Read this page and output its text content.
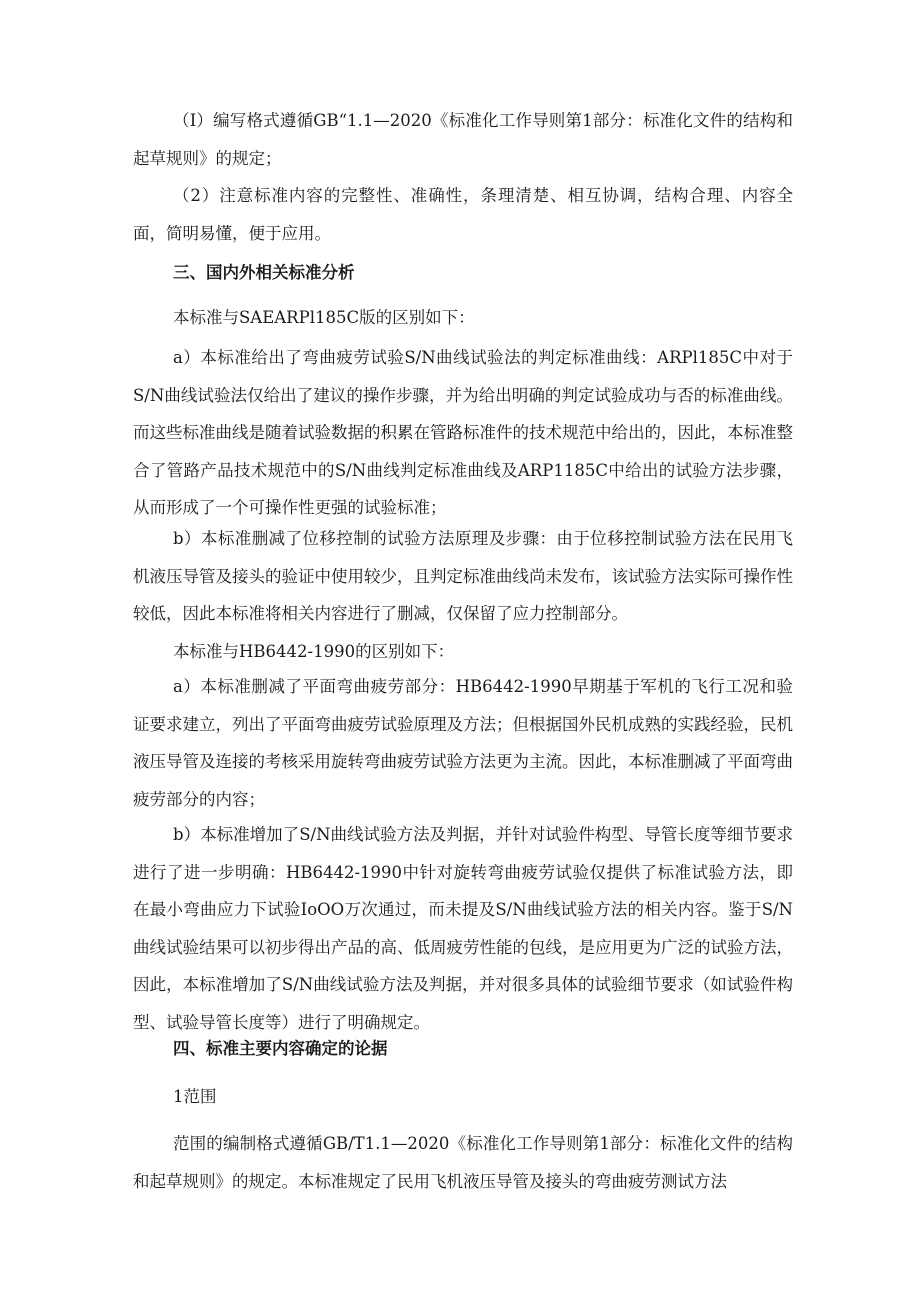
（I）编写格式遵循GB“1.1—2020《标准化工作导则第1部分：标准化文件的结构和起草规则》的规定；

（2）注意标准内容的完整性、准确性，条理清楚、相互协调，结构合理、内容全面，简明易懂，便于应用。

三、国内外相关标准分析

本标准与SAEARPl185C版的区别如下：

a）本标准给出了弯曲疲劳试验S/N曲线试验法的判定标准曲线：ARPl185C中对于S/N曲线试验法仅给出了建议的操作步骤，并为给出明确的判定试验成功与否的标准曲线。而这些标准曲线是随着试验数据的积累在管路标准件的技术规范中给出的，因此，本标准整合了管路产品技术规范中的S/N曲线判定标准曲线及ARP1185C中给出的试验方法步骤，从而形成了一个可操作性更强的试验标准；

b）本标准删减了位移控制的试验方法原理及步骤：由于位移控制试验方法在民用飞机液压导管及接头的验证中使用较少，且判定标准曲线尚未发布，该试验方法实际可操作性较低，因此本标准将相关内容进行了删减，仅保留了应力控制部分。

本标准与HB6442-1990的区别如下：

a）本标准删减了平面弯曲疲劳部分：HB6442-1990早期基于军机的飞行工况和验证要求建立，列出了平面弯曲疲劳试验原理及方法；但根据国外民机成熟的实践经验，民机液压导管及连接的考核采用旋转弯曲疲劳试验方法更为主流。因此，本标准删减了平面弯曲疲劳部分的内容；

b）本标准增加了S/N曲线试验方法及判据，并针对试验件构型、导管长度等细节要求进行了进一步明确：HB6442-1990中针对旋转弯曲疲劳试验仅提供了标准试验方法，即在最小弯曲应力下试验IoOO万次通过，而未提及S/N曲线试验方法的相关内容。鉴于S/N曲线试验结果可以初步得出产品的高、低周疲劳性能的包线，是应用更为广泛的试验方法，因此，本标准增加了S/N曲线试验方法及判据，并对很多具体的试验细节要求（如试验件构型、试验导管长度等）进行了明确规定。

四、标准主要内容确定的论据

1范围

范围的编制格式遵循GB/T1.1—2020《标准化工作导则第1部分：标准化文件的结构和起草规则》的规定。本标准规定了民用飞机液压导管及接头的弯曲疲劳测试方法
